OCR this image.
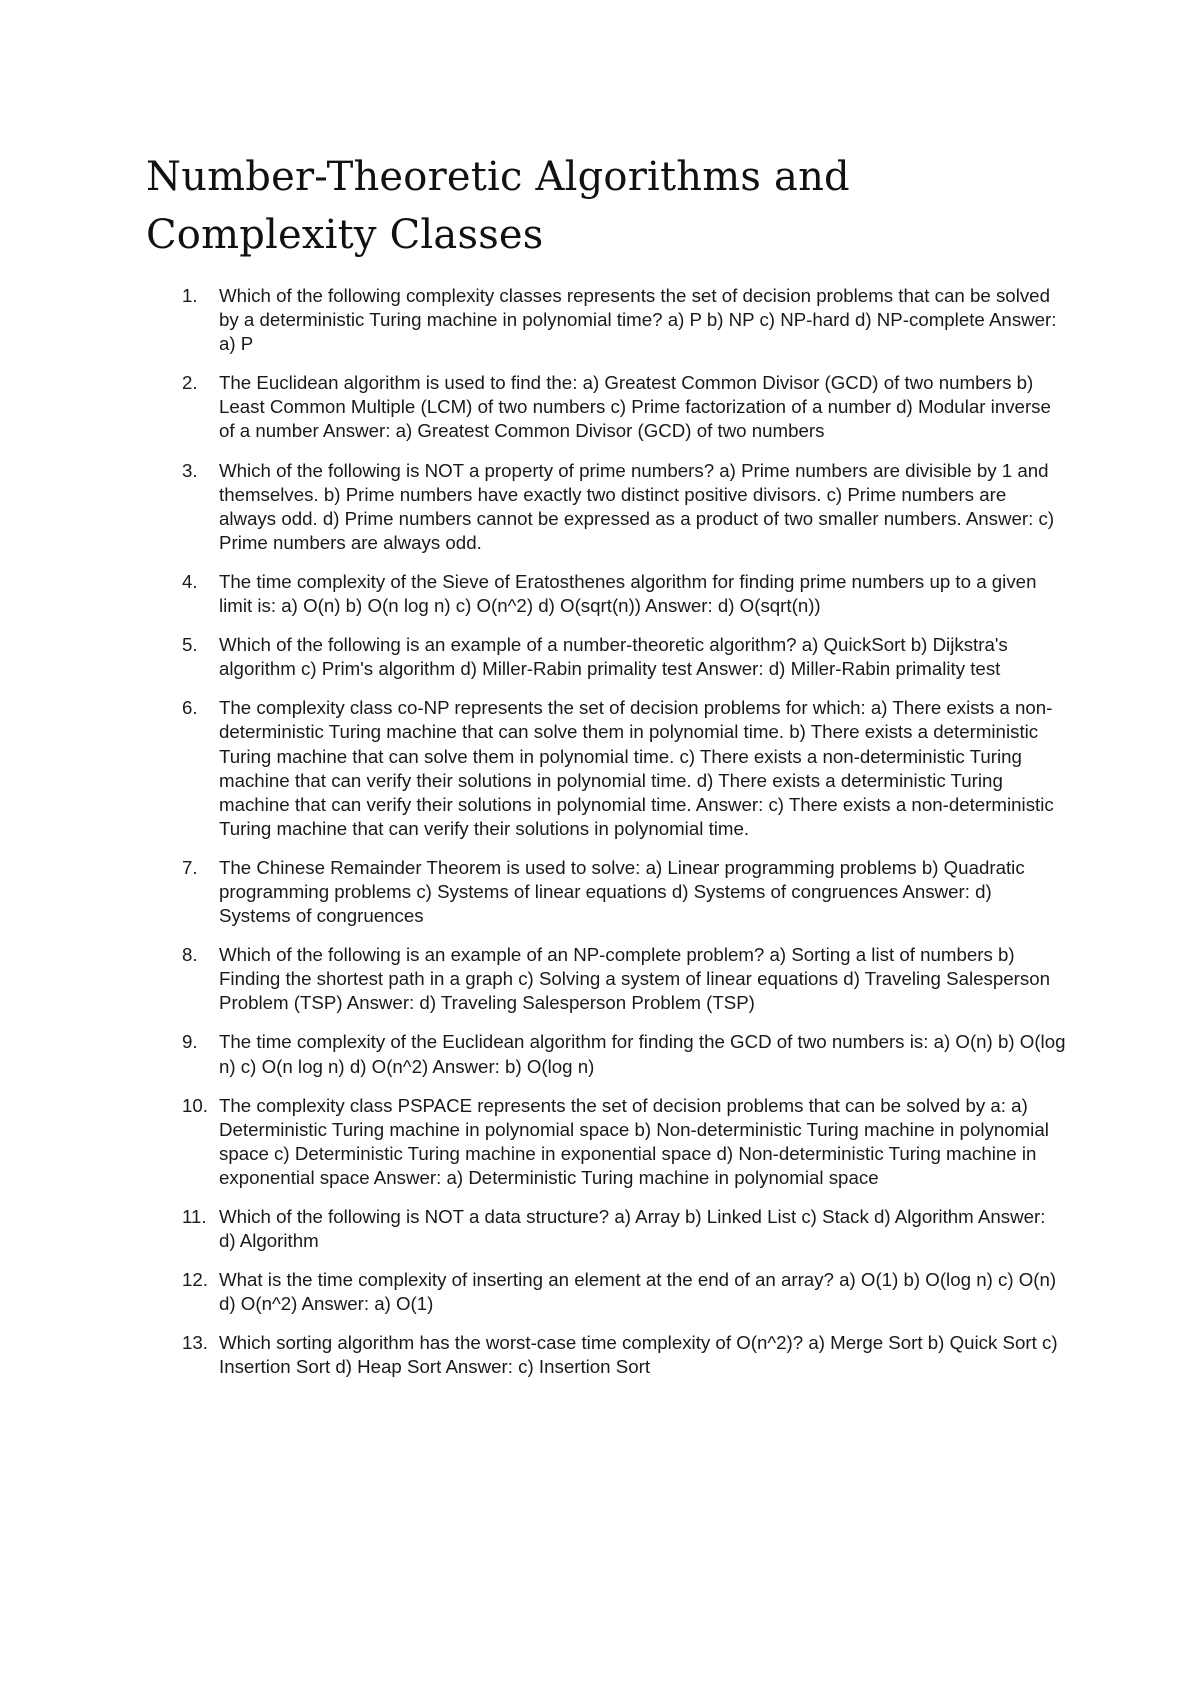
Number-Theoretic Algorithms and Complexity Classes
1. Which of the following complexity classes represents the set of decision problems that can be solved by a deterministic Turing machine in polynomial time? a) P b) NP c) NP-hard d) NP-complete Answer: a) P
2. The Euclidean algorithm is used to find the: a) Greatest Common Divisor (GCD) of two numbers b) Least Common Multiple (LCM) of two numbers c) Prime factorization of a number d) Modular inverse of a number Answer: a) Greatest Common Divisor (GCD) of two numbers
3. Which of the following is NOT a property of prime numbers? a) Prime numbers are divisible by 1 and themselves. b) Prime numbers have exactly two distinct positive divisors. c) Prime numbers are always odd. d) Prime numbers cannot be expressed as a product of two smaller numbers. Answer: c) Prime numbers are always odd.
4. The time complexity of the Sieve of Eratosthenes algorithm for finding prime numbers up to a given limit is: a) O(n) b) O(n log n) c) O(n^2) d) O(sqrt(n)) Answer: d) O(sqrt(n))
5. Which of the following is an example of a number-theoretic algorithm? a) QuickSort b) Dijkstra's algorithm c) Prim's algorithm d) Miller-Rabin primality test Answer: d) Miller-Rabin primality test
6. The complexity class co-NP represents the set of decision problems for which: a) There exists a non-deterministic Turing machine that can solve them in polynomial time. b) There exists a deterministic Turing machine that can solve them in polynomial time. c) There exists a non-deterministic Turing machine that can verify their solutions in polynomial time. d) There exists a deterministic Turing machine that can verify their solutions in polynomial time. Answer: c) There exists a non-deterministic Turing machine that can verify their solutions in polynomial time.
7. The Chinese Remainder Theorem is used to solve: a) Linear programming problems b) Quadratic programming problems c) Systems of linear equations d) Systems of congruences Answer: d) Systems of congruences
8. Which of the following is an example of an NP-complete problem? a) Sorting a list of numbers b) Finding the shortest path in a graph c) Solving a system of linear equations d) Traveling Salesperson Problem (TSP) Answer: d) Traveling Salesperson Problem (TSP)
9. The time complexity of the Euclidean algorithm for finding the GCD of two numbers is: a) O(n) b) O(log n) c) O(n log n) d) O(n^2) Answer: b) O(log n)
10. The complexity class PSPACE represents the set of decision problems that can be solved by a: a) Deterministic Turing machine in polynomial space b) Non-deterministic Turing machine in polynomial space c) Deterministic Turing machine in exponential space d) Non-deterministic Turing machine in exponential space Answer: a) Deterministic Turing machine in polynomial space
11. Which of the following is NOT a data structure? a) Array b) Linked List c) Stack d) Algorithm Answer: d) Algorithm
12. What is the time complexity of inserting an element at the end of an array? a) O(1) b) O(log n) c) O(n) d) O(n^2) Answer: a) O(1)
13. Which sorting algorithm has the worst-case time complexity of O(n^2)? a) Merge Sort b) Quick Sort c) Insertion Sort d) Heap Sort Answer: c) Insertion Sort
